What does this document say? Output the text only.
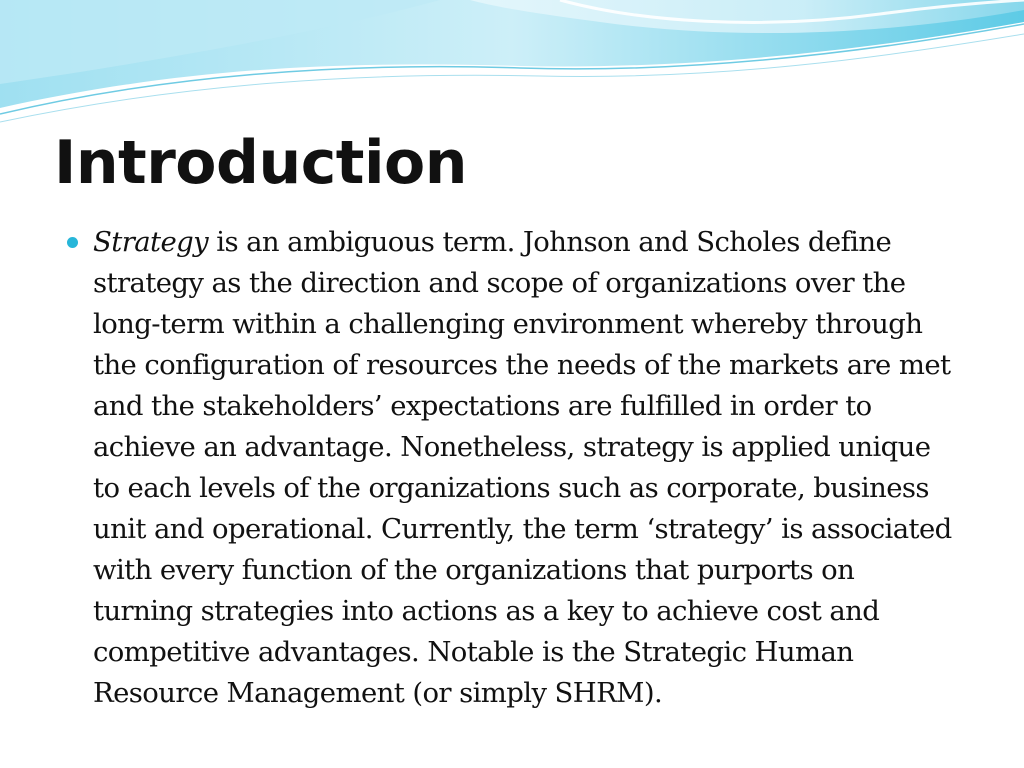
Introduction

Strategy is an ambiguous term. Johnson and Scholes define strategy as the direction and scope of organizations over the long-term within a challenging environment whereby through the configuration of resources the needs of the markets are met and the stakeholders’ expectations are fulfilled in order to achieve an advantage. Nonetheless, strategy is applied unique to each levels of the organizations such as corporate, business unit and operational. Currently, the term ‘strategy’ is associated with every function of the organizations that purports on turning strategies into actions as a key to achieve cost and competitive advantages. Notable is the Strategic Human Resource Management (or simply SHRM).
